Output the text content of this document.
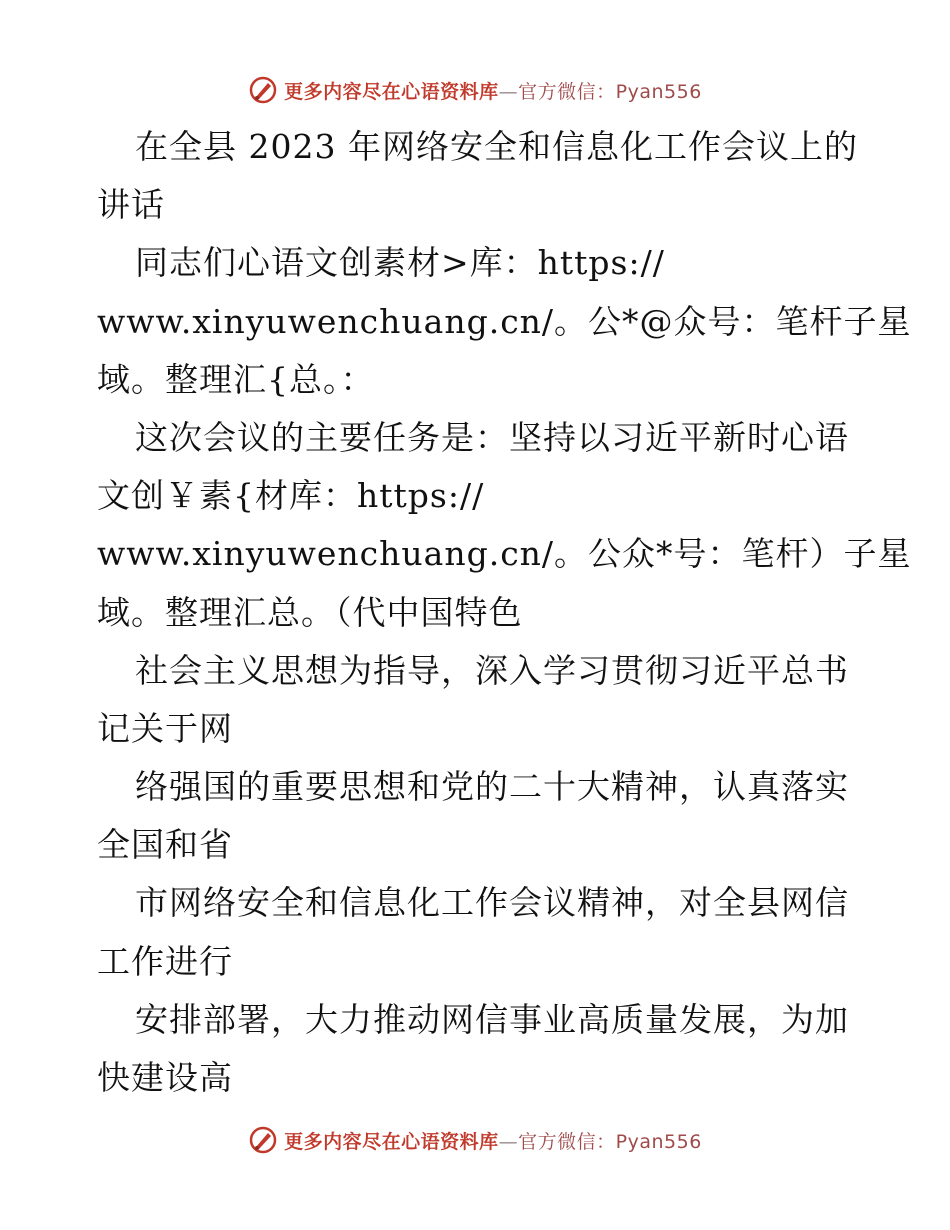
更多内容尽在心语资料库—官方微信：Pyan556
在全县 2023 年网络安全和信息化工作会议上的
讲话
同志们心语文创素材>库：https://
www.xinyuwenchuang.cn/。公*@众号：笔杆子星
域。整理汇{总。：
这次会议的主要任务是：坚持以习近平新时心语
文创￥素{材库：https://
www.xinyuwenchuang.cn/。公众*号：笔杆）子星
域。整理汇总。（代中国特色
社会主义思想为指导，深入学习贯彻习近平总书
记关于网
络强国的重要思想和党的二十大精神，认真落实
全国和省
市网络安全和信息化工作会议精神，对全县网信
工作进行
安排部署，大力推动网信事业高质量发展，为加
快建设高
更多内容尽在心语资料库—官方微信：Pyan556
